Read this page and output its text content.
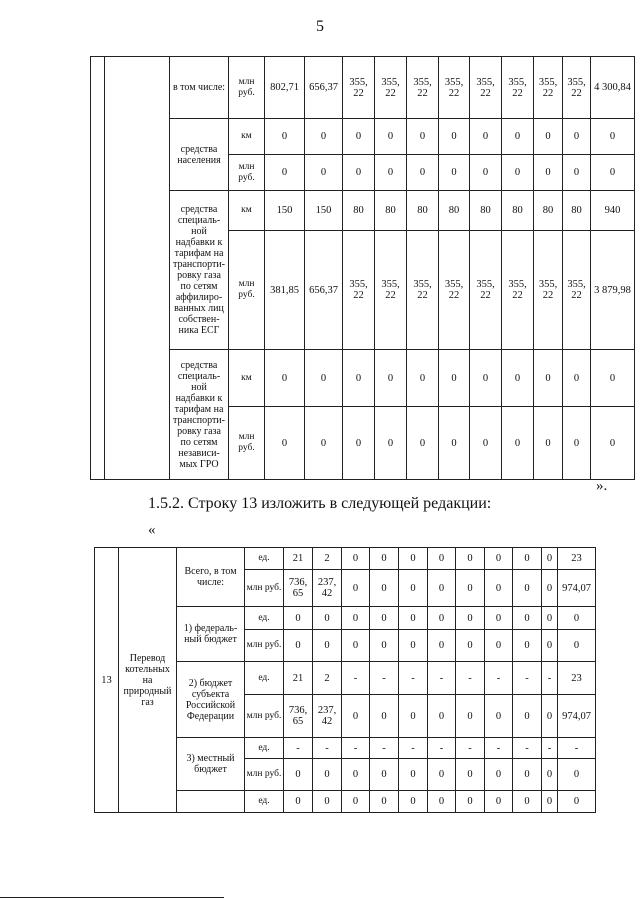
5
		в том числе:	млн руб.	802,71	656,37	355, 22	355, 22	355, 22	355, 22	355, 22	355, 22	355, 22	355, 22	4 300,84
		средства населения	км	0	0	0	0	0	0	0	0	0	0	0
			млн руб.	0	0	0	0	0	0	0	0	0	0	0
		средства специаль-ной надбавки к тарифам на транспорти-ровку газа по сетям аффилиро-ванных лиц собствен-ника ЕСГ	км	150	150	80	80	80	80	80	80	80	80	940
			млн руб.	381,85	656,37	355, 22	355, 22	355, 22	355, 22	355, 22	355, 22	355, 22	355, 22	3 879,98
		средства специаль-ной надбавки к тарифам на транспорти-ровку газа по сетям независи-мых ГРО	км	0	0	0	0	0	0	0	0	0	0	0
			млн руб.	0	0	0	0	0	0	0	0	0	0	0
».
1.5.2. Строку 13 изложить в следующей редакции:
«
13	Перевод котельных на природный газ	Всего, в том числе:	ед.	21	2	0	0	0	0	0	0	0	0	23
			млн руб.	736, 65	237, 42	0	0	0	0	0	0	0	0	974,07
		1) федераль-ный бюджет	ед.	0	0	0	0	0	0	0	0	0	0	0
			млн руб.	0	0	0	0	0	0	0	0	0	0	0
		2) бюджет субъекта Российской Федерации	ед.	21	2	-	-	-	-	-	-	-	-	23
			млн руб.	736, 65	237, 42	0	0	0	0	0	0	0	0	974,07
		3) местный бюджет	ед.	-	-	-	-	-	-	-	-	-	-	-
			млн руб.	0	0	0	0	0	0	0	0	0	0	0
			ед.	0	0	0	0	0	0	0	0	0	0	0
